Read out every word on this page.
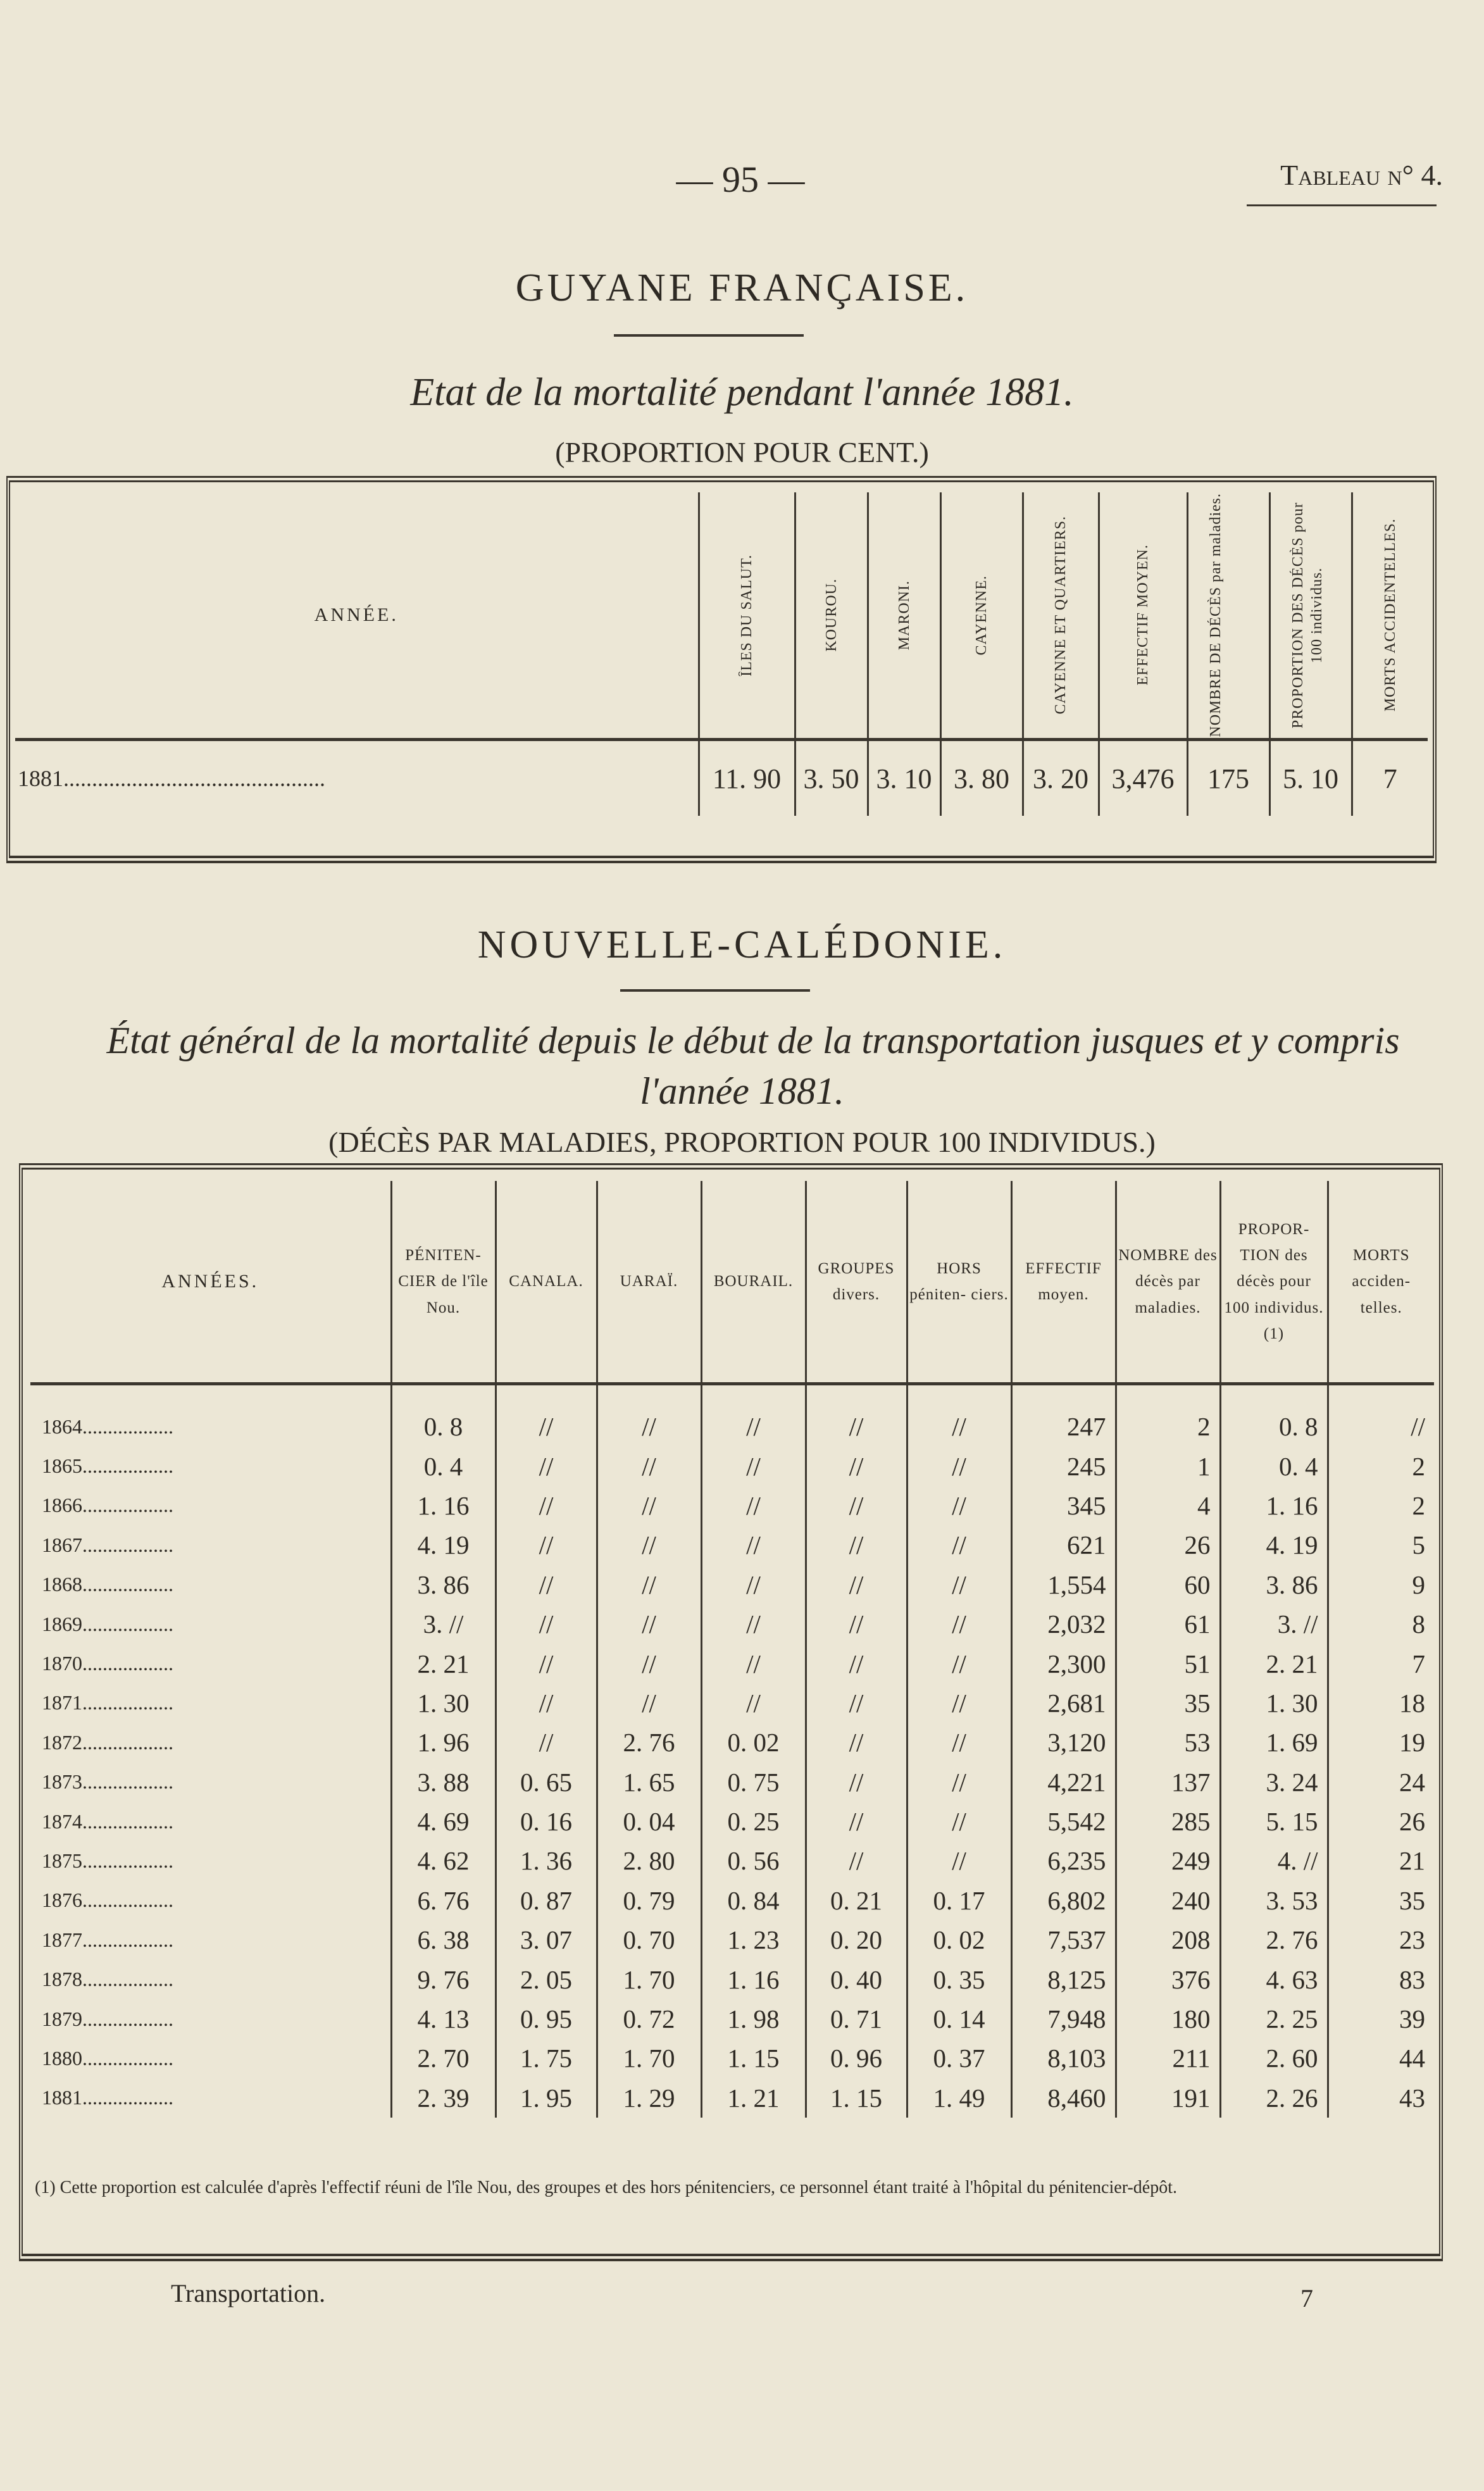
— 95 —	Tableau n° 4.
GUYANE FRANÇAISE.
Etat de la mortalité pendant l'année 1881.
(PROPORTION POUR CENT.)
ANNÉE.	ÎLES DU SALUT.	KOUROU.	MARONI.	CAYENNE.	CAYENNE ET QUARTIERS.	EFFECTIF MOYEN.	NOMBRE DE DÉCÈS par maladies.	PROPORTION DES DÉCÈS pour 100 individus.	MORTS ACCIDENTELLES.

1881..............................................	11. 90	3. 50	3. 10	3. 80	3. 20	3,476	175	5. 10	7
NOUVELLE-CALÉDONIE.
État général de la mortalité depuis le début de la transportation jusques et y compris
l'année 1881.
(DÉCÈS PAR MALADIES, PROPORTION POUR 100 INDIVIDUS.)
ANNÉES.	PÉNITEN- CIER de l'île Nou.	CANALA.	UARAÏ.	BOURAIL.	GROUPES divers.	HORS péniten- ciers.	EFFECTIF moyen.	NOMBRE des décès par maladies.	PROPOR- TION des décès pour 100 individus. (1)	MORTS acciden- telles.
1864..................	0. 8	//	//	//	//	//	247	2	0. 8	//
1865..................	0. 4	//	//	//	//	//	245	1	0. 4	2
1866..................	1. 16	//	//	//	//	//	345	4	1. 16	2
1867..................	4. 19	//	//	//	//	//	621	26	4. 19	5
1868..................	3. 86	//	//	//	//	//	1,554	60	3. 86	9
1869..................	3. //	//	//	//	//	//	2,032	61	3. //	8
1870..................	2. 21	//	//	//	//	//	2,300	51	2. 21	7
1871..................	1. 30	//	//	//	//	//	2,681	35	1. 30	18
1872..................	1. 96	//	2. 76	0. 02	//	//	3,120	53	1. 69	19
1873..................	3. 88	0. 65	1. 65	0. 75	//	//	4,221	137	3. 24	24
1874..................	4. 69	0. 16	0. 04	0. 25	//	//	5,542	285	5. 15	26
1875..................	4. 62	1. 36	2. 80	0. 56	//	//	6,235	249	4. //	21
1876..................	6. 76	0. 87	0. 79	0. 84	0. 21	0. 17	6,802	240	3. 53	35
1877..................	6. 38	3. 07	0. 70	1. 23	0. 20	0. 02	7,537	208	2. 76	23
1878..................	9. 76	2. 05	1. 70	1. 16	0. 40	0. 35	8,125	376	4. 63	83
1879..................	4. 13	0. 95	0. 72	1. 98	0. 71	0. 14	7,948	180	2. 25	39
1880..................	2. 70	1. 75	1. 70	1. 15	0. 96	0. 37	8,103	211	2. 60	44
1881..................	2. 39	1. 95	1. 29	1. 21	1. 15	1. 49	8,460	191	2. 26	43
(1) Cette proportion est calculée d'après l'effectif réuni de l'île Nou, des groupes et des hors pénitenciers, ce personnel étant traité à l'hôpital du pénitencier-dépôt.
Transportation.	7
